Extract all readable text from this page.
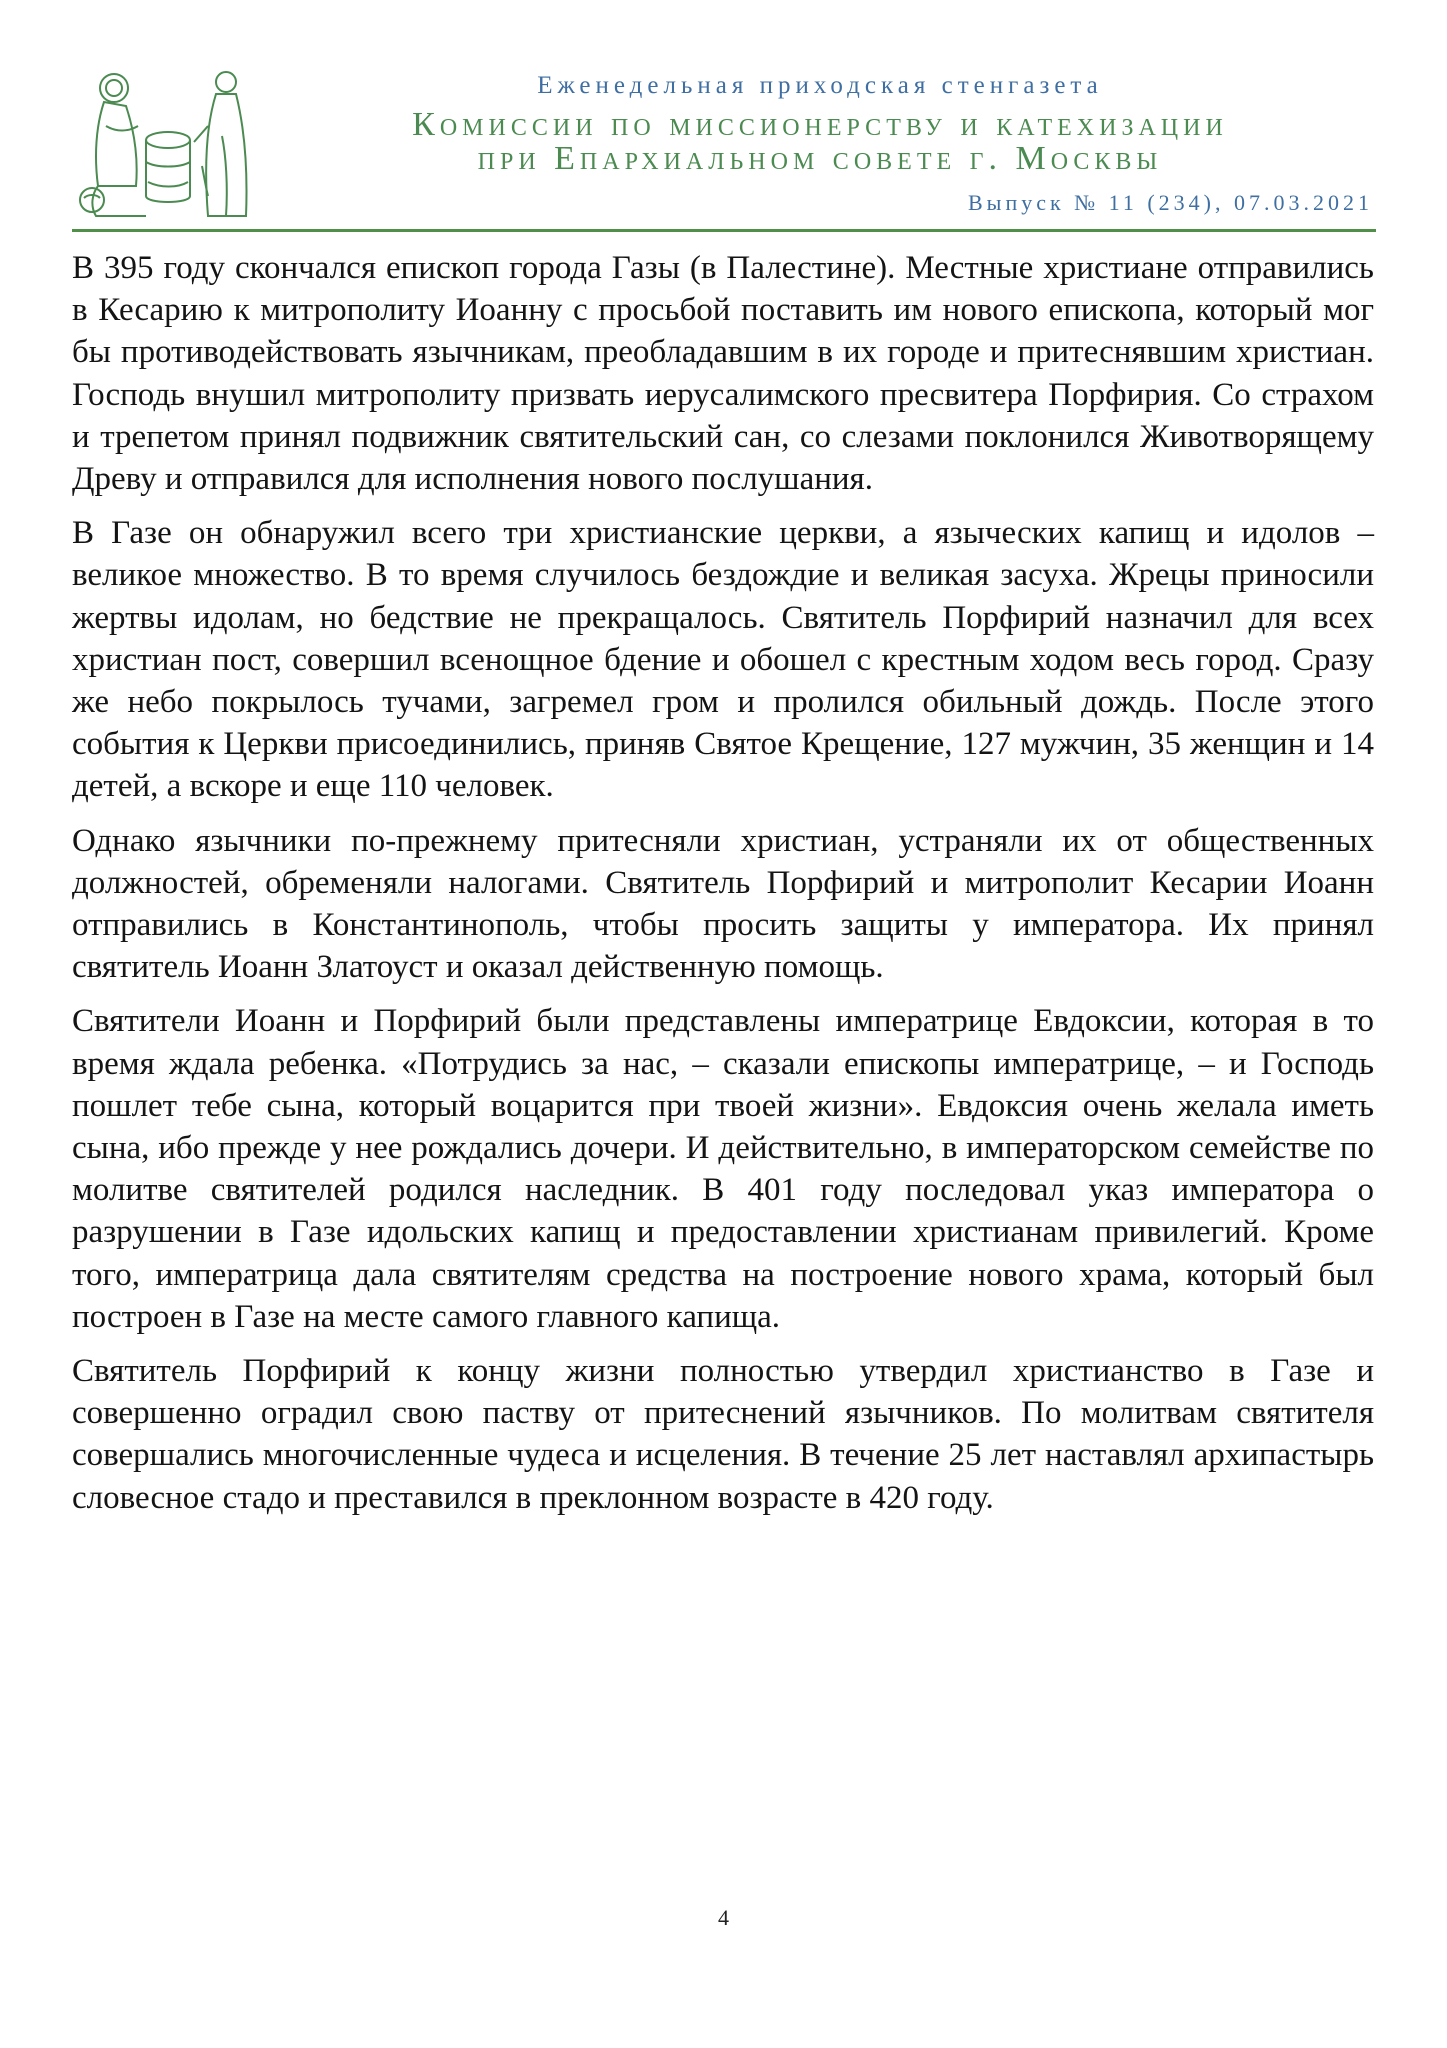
Еженедельная приходская стенгазета
Комиссии по миссионерству и катехизации
при Епархиальном совете г. Москвы
Выпуск № 11 (234), 07.03.2021

В 395 году скончался епископ города Газы (в Палестине). Местные христиане отправились в Кесарию к митрополиту Иоанну с просьбой поставить им нового епископа, который мог бы противодействовать язычникам, преобладавшим в их городе и притеснявшим христиан. Господь внушил митрополиту призвать иерусалимского пресвитера Порфирия. Со страхом и трепетом принял подвижник святительский сан, со слезами поклонился Животворящему Древу и отправился для исполнения нового послушания.

В Газе он обнаружил всего три христианские церкви, а языческих капищ и идолов – великое множество. В то время случилось бездождие и великая засуха. Жрецы приносили жертвы идолам, но бедствие не прекращалось. Святитель Порфирий назначил для всех христиан пост, совершил всенощное бдение и обошел с крестным ходом весь город. Сразу же небо покрылось тучами, загремел гром и пролился обильный дождь. После этого события к Церкви присоединились, приняв Святое Крещение, 127 мужчин, 35 женщин и 14 детей, а вскоре и еще 110 человек.

Однако язычники по-прежнему притесняли христиан, устраняли их от общественных должностей, обременяли налогами. Святитель Порфирий и митрополит Кесарии Иоанн отправились в Константинополь, чтобы просить защиты у императора. Их принял святитель Иоанн Златоуст и оказал действенную помощь.

Святители Иоанн и Порфирий были представлены императрице Евдоксии, которая в то время ждала ребенка. «Потрудись за нас, – сказали епископы императрице, – и Господь пошлет тебе сына, который воцарится при твоей жизни». Евдоксия очень желала иметь сына, ибо прежде у нее рождались дочери. И действительно, в императорском семействе по молитве святителей родился наследник. В 401 году последовал указ императора о разрушении в Газе идольских капищ и предоставлении христианам привилегий. Кроме того, императрица дала святителям средства на построение нового храма, который был построен в Газе на месте самого главного капища.

Святитель Порфирий к концу жизни полностью утвердил христианство в Газе и совершенно оградил свою паству от притеснений язычников. По молитвам святителя совершались многочисленные чудеса и исцеления. В течение 25 лет наставлял архипастырь словесное стадо и преставился в преклонном возрасте в 420 году.

4
